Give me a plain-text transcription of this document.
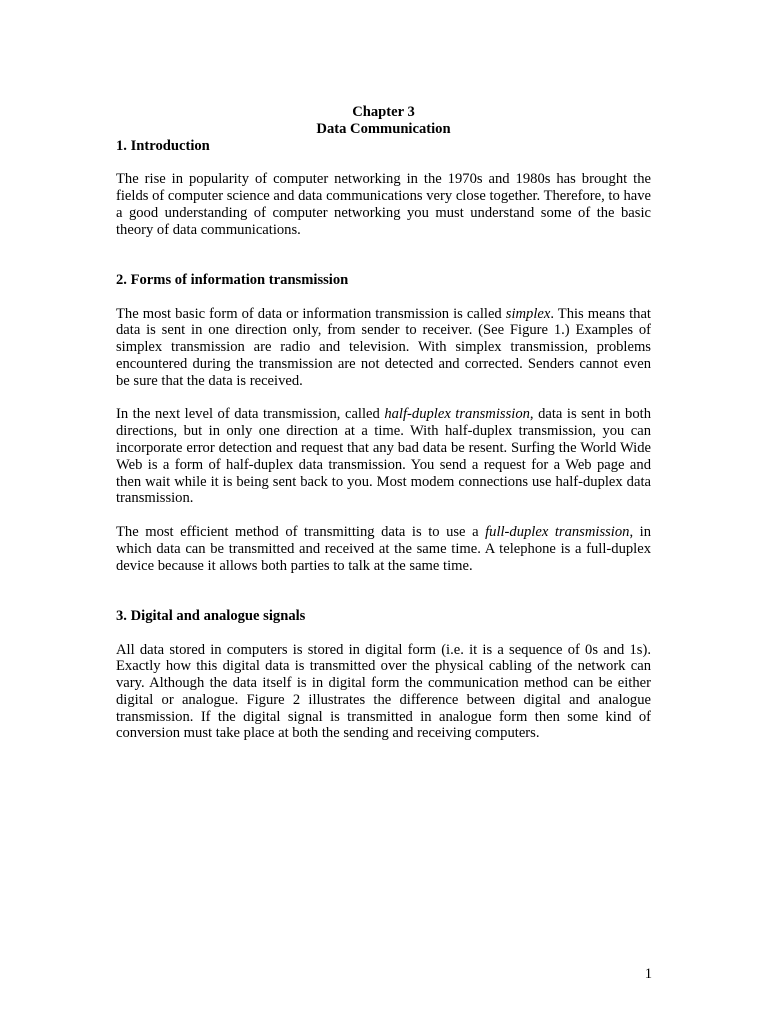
Chapter 3
Data Communication
1. Introduction

The rise in popularity of computer networking in the 1970s and 1980s has brought the fields of computer science and data communications very close together. Therefore, to have a good understanding of computer networking you must understand some of the basic theory of data communications.

2. Forms of information transmission

The most basic form of data or information transmission is called simplex. This means that data is sent in one direction only, from sender to receiver. (See Figure 1.) Examples of simplex transmission are radio and television. With simplex transmission, problems encountered during the transmission are not detected and corrected. Senders cannot even be sure that the data is received.

In the next level of data transmission, called half-duplex transmission, data is sent in both directions, but in only one direction at a time. With half-duplex transmission, you can incorporate error detection and request that any bad data be resent. Surfing the World Wide Web is a form of half-duplex data transmission. You send a request for a Web page and then wait while it is being sent back to you. Most modem connections use half-duplex data transmission.

The most efficient method of transmitting data is to use a full-duplex transmission, in which data can be transmitted and received at the same time. A telephone is a full-duplex device because it allows both parties to talk at the same time.

3. Digital and analogue signals

All data stored in computers is stored in digital form (i.e. it is a sequence of 0s and 1s). Exactly how this digital data is transmitted over the physical cabling of the network can vary. Although the data itself is in digital form the communication method can be either digital or analogue. Figure 2 illustrates the difference between digital and analogue transmission. If the digital signal is transmitted in analogue form then some kind of conversion must take place at both the sending and receiving computers.

1
